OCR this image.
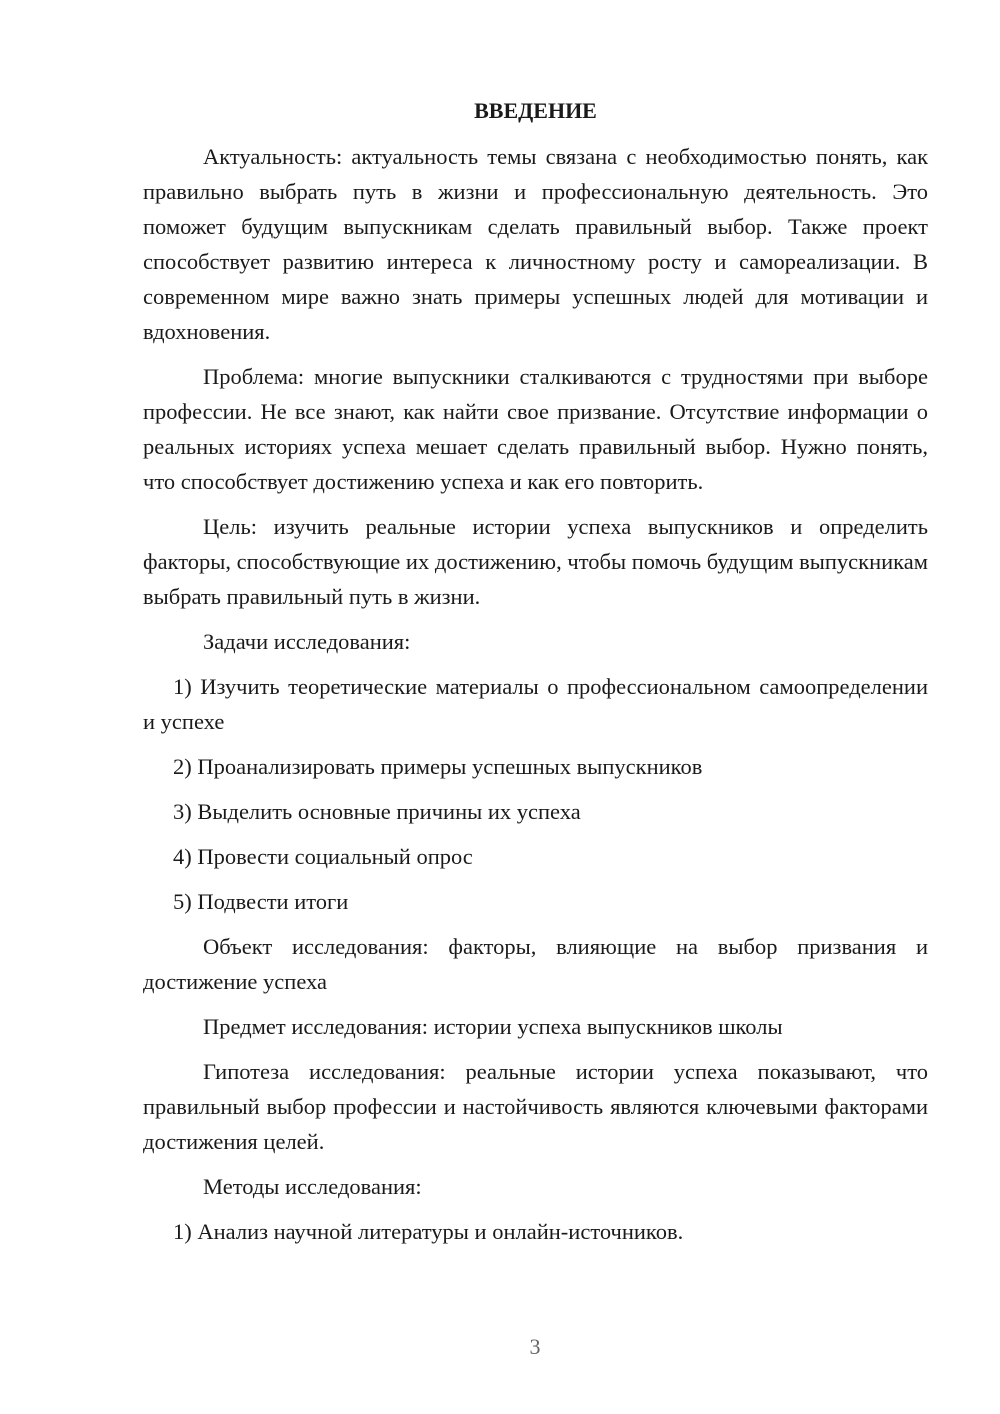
ВВЕДЕНИЕ

Актуальность: актуальность темы связана с необходимостью понять, как правильно выбрать путь в жизни и профессиональную деятельность. Это поможет будущим выпускникам сделать правильный выбор. Также проект способствует развитию интереса к личностному росту и самореализации. В современном мире важно знать примеры успешных людей для мотивации и вдохновения.

Проблема: многие выпускники сталкиваются с трудностями при выборе профессии. Не все знают, как найти свое призвание. Отсутствие информации о реальных историях успеха мешает сделать правильный выбор. Нужно понять, что способствует достижению успеха и как его повторить.

Цель: изучить реальные истории успеха выпускников и определить факторы, способствующие их достижению, чтобы помочь будущим выпускникам выбрать правильный путь в жизни.

Задачи исследования:

1) Изучить теоретические материалы о профессиональном самоопределении и успехе

2) Проанализировать примеры успешных выпускников

3) Выделить основные причины их успеха

4) Провести социальный опрос

5) Подвести итоги

Объект исследования: факторы, влияющие на выбор призвания и достижение успеха

Предмет исследования: истории успеха выпускников школы

Гипотеза исследования: реальные истории успеха показывают, что правильный выбор профессии и настойчивость являются ключевыми факторами достижения целей.

Методы исследования:

1) Анализ научной литературы и онлайн-источников.

3
